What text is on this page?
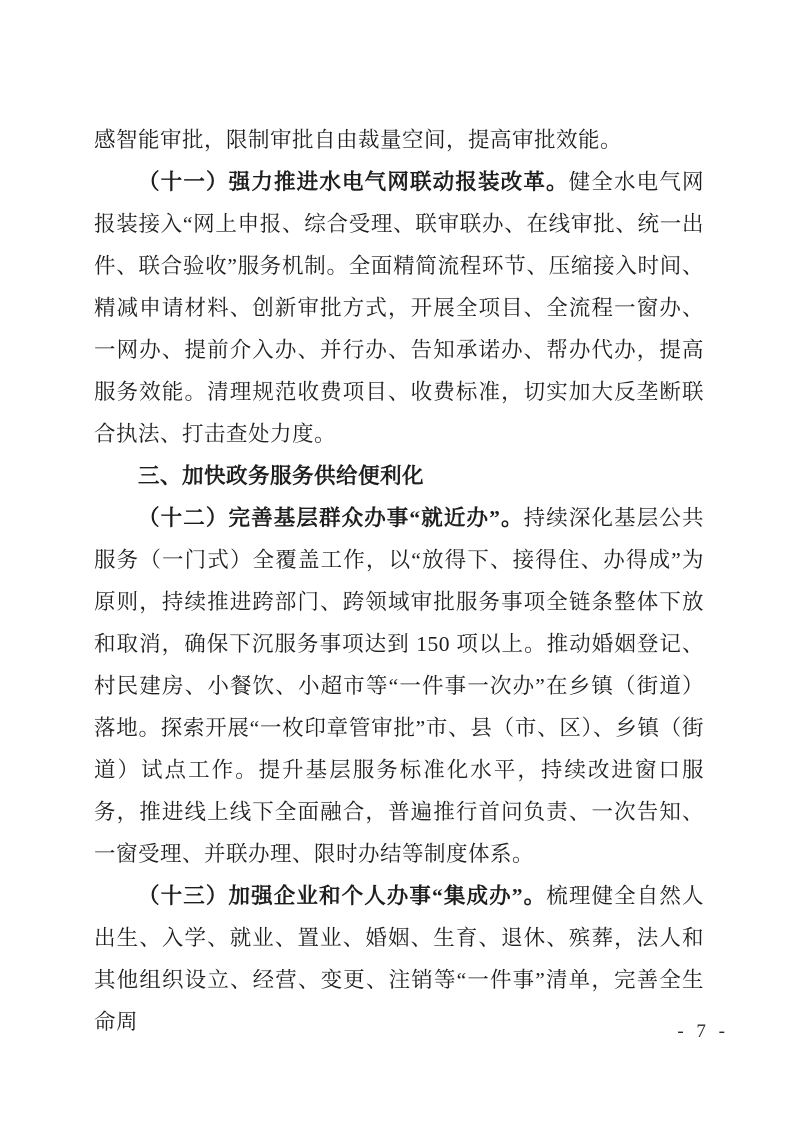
感智能审批，限制审批自由裁量空间，提高审批效能。

（十一）强力推进水电气网联动报装改革。健全水电气网报装接入“网上申报、综合受理、联审联办、在线审批、统一出件、联合验收”服务机制。全面精简流程环节、压缩接入时间、精减申请材料、创新审批方式，开展全项目、全流程一窗办、一网办、提前介入办、并行办、告知承诺办、帮办代办，提高服务效能。清理规范收费项目、收费标准，切实加大反垄断联合执法、打击查处力度。

三、加快政务服务供给便利化

（十二）完善基层群众办事“就近办”。持续深化基层公共服务（一门式）全覆盖工作，以“放得下、接得住、办得成”为原则，持续推进跨部门、跨领域审批服务事项全链条整体下放和取消，确保下沉服务事项达到 150 项以上。推动婚姻登记、村民建房、小餐饮、小超市等“一件事一次办”在乡镇（街道）落地。探索开展“一枚印章管审批”市、县（市、区）、乡镇（街道）试点工作。提升基层服务标准化水平，持续改进窗口服务，推进线上线下全面融合，普遍推行首问负责、一次告知、一窗受理、并联办理、限时办结等制度体系。

（十三）加强企业和个人办事“集成办”。梳理健全自然人出生、入学、就业、置业、婚姻、生育、退休、殡葬，法人和其他组织设立、经营、变更、注销等“一件事”清单，完善全生命周	- 7 -
